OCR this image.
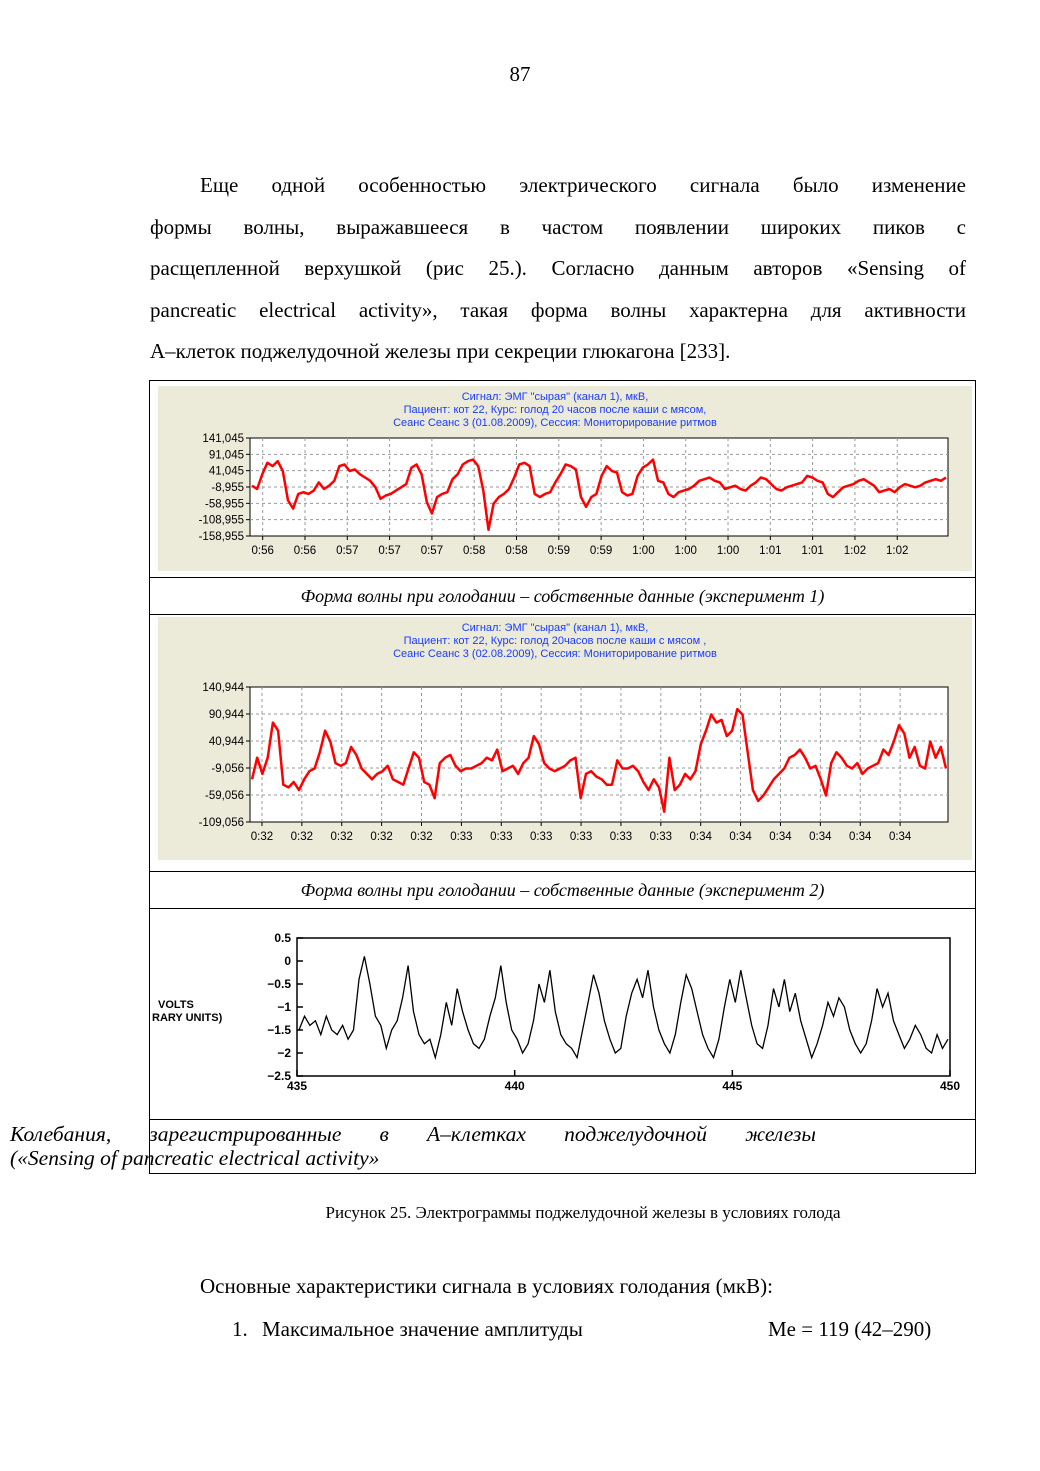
87
Еще одной особенностью электрического сигнала было изменение
формы волны, выражавшееся в частом появлении широких пиков с
расщепленной верхушкой (рис 25.). Согласно данным авторов «Sensing of
pancreatic electrical activity», такая форма волны характерна для активности
А–клеток поджелудочной железы при секреции глюкагона [233].
Сигнал: ЭМГ "сырая" (канал 1), мкВ,
Пациент: кот 22, Курс: голод 20 часов после каши с мясом,
Сеанс Сеанс 3 (01.08.2009), Сессия: Мониторирование ритмов
141,045
91,045
41,045
-8,955
-58,955
-108,955
-158,955
0:56 0:56 0:57 0:57 0:57 0:58 0:58 0:59 0:59 1:00 1:00 1:00 1:01 1:01 1:02 1:02
Форма волны при голодании – собственные данные (эксперимент 1)
Сигнал: ЭМГ "сырая" (канал 1), мкВ,
Пациент: кот 22, Курс: голод 20часов после каши с мясом ,
Сеанс Сеанс 3 (02.08.2009), Сессия: Мониторирование ритмов
140,944
90,944
40,944
-9,056
-59,056
-109,056
0:32 0:32 0:32 0:32 0:32 0:33 0:33 0:33 0:33 0:33 0:33 0:34 0:34 0:34 0:34 0:34 0:34
Форма волны при голодании – собственные данные (эксперимент 2)
0.5
0
−0.5
−1
−1.5
−2
−2.5
VOLTS
RARY UNITS)
435	440	445	450
Колебания, зарегистрированные в А–клетках поджелудочной железы
(«Sensing of pancreatic electrical activity»
Рисунок 25. Электрограммы поджелудочной железы в условиях голода
Основные характеристики сигнала в условиях голодания (мкВ):
1. Максимальное значение амплитуды	Me = 119 (42–290)
